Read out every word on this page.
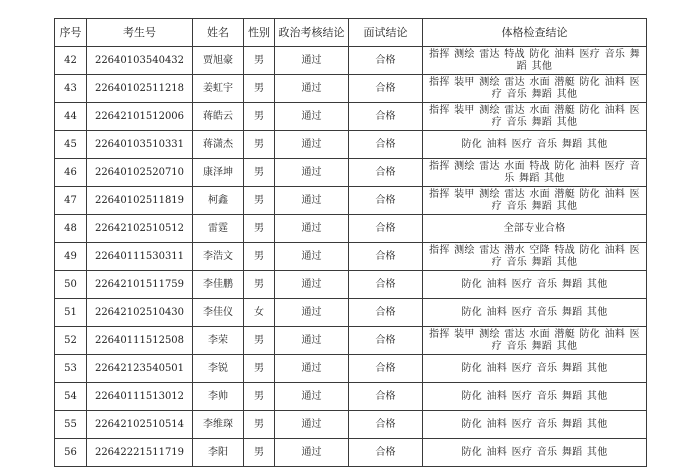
序号	考生号	姓名	性别	政治考核结论	面试结论	体格检查结论
42	22640103540432	贾旭豪	男	通过	合格	指挥 测绘 雷达 特战 防化 油料 医疗 音乐 舞蹈 其他
43	22640102511218	姜虹宇	男	通过	合格	指挥 装甲 测绘 雷达 水面 潜艇 防化 油料 医疗 音乐 舞蹈 其他
44	22642101512006	蒋皓云	男	通过	合格	指挥 装甲 测绘 雷达 水面 潜艇 防化 油料 医疗 音乐 舞蹈 其他
45	22640103510331	蒋潇杰	男	通过	合格	防化 油料 医疗 音乐 舞蹈 其他
46	22640102520710	康泽坤	男	通过	合格	指挥 测绘 雷达 水面 特战 防化 油料 医疗 音乐 舞蹈 其他
47	22640102511819	柯鑫	男	通过	合格	指挥 装甲 测绘 雷达 水面 潜艇 防化 油料 医疗 音乐 舞蹈 其他
48	22642102510512	雷霆	男	通过	合格	全部专业合格
49	22640111530311	李浩文	男	通过	合格	指挥 测绘 雷达 潜水 空降 特战 防化 油料 医疗 音乐 舞蹈 其他
50	22642101511759	李佳鹏	男	通过	合格	防化 油料 医疗 音乐 舞蹈 其他
51	22642102510430	李佳仪	女	通过	合格	防化 油料 医疗 音乐 舞蹈 其他
52	22640111512508	李荣	男	通过	合格	指挥 装甲 测绘 雷达 水面 潜艇 防化 油料 医疗 音乐 舞蹈 其他
53	22642123540501	李锐	男	通过	合格	防化 油料 医疗 音乐 舞蹈 其他
54	22640111513012	李帅	男	通过	合格	防化 油料 医疗 音乐 舞蹈 其他
55	22642102510514	李维琛	男	通过	合格	防化 油料 医疗 音乐 舞蹈 其他
56	22642221511719	李阳	男	通过	合格	防化 油料 医疗 音乐 舞蹈 其他
